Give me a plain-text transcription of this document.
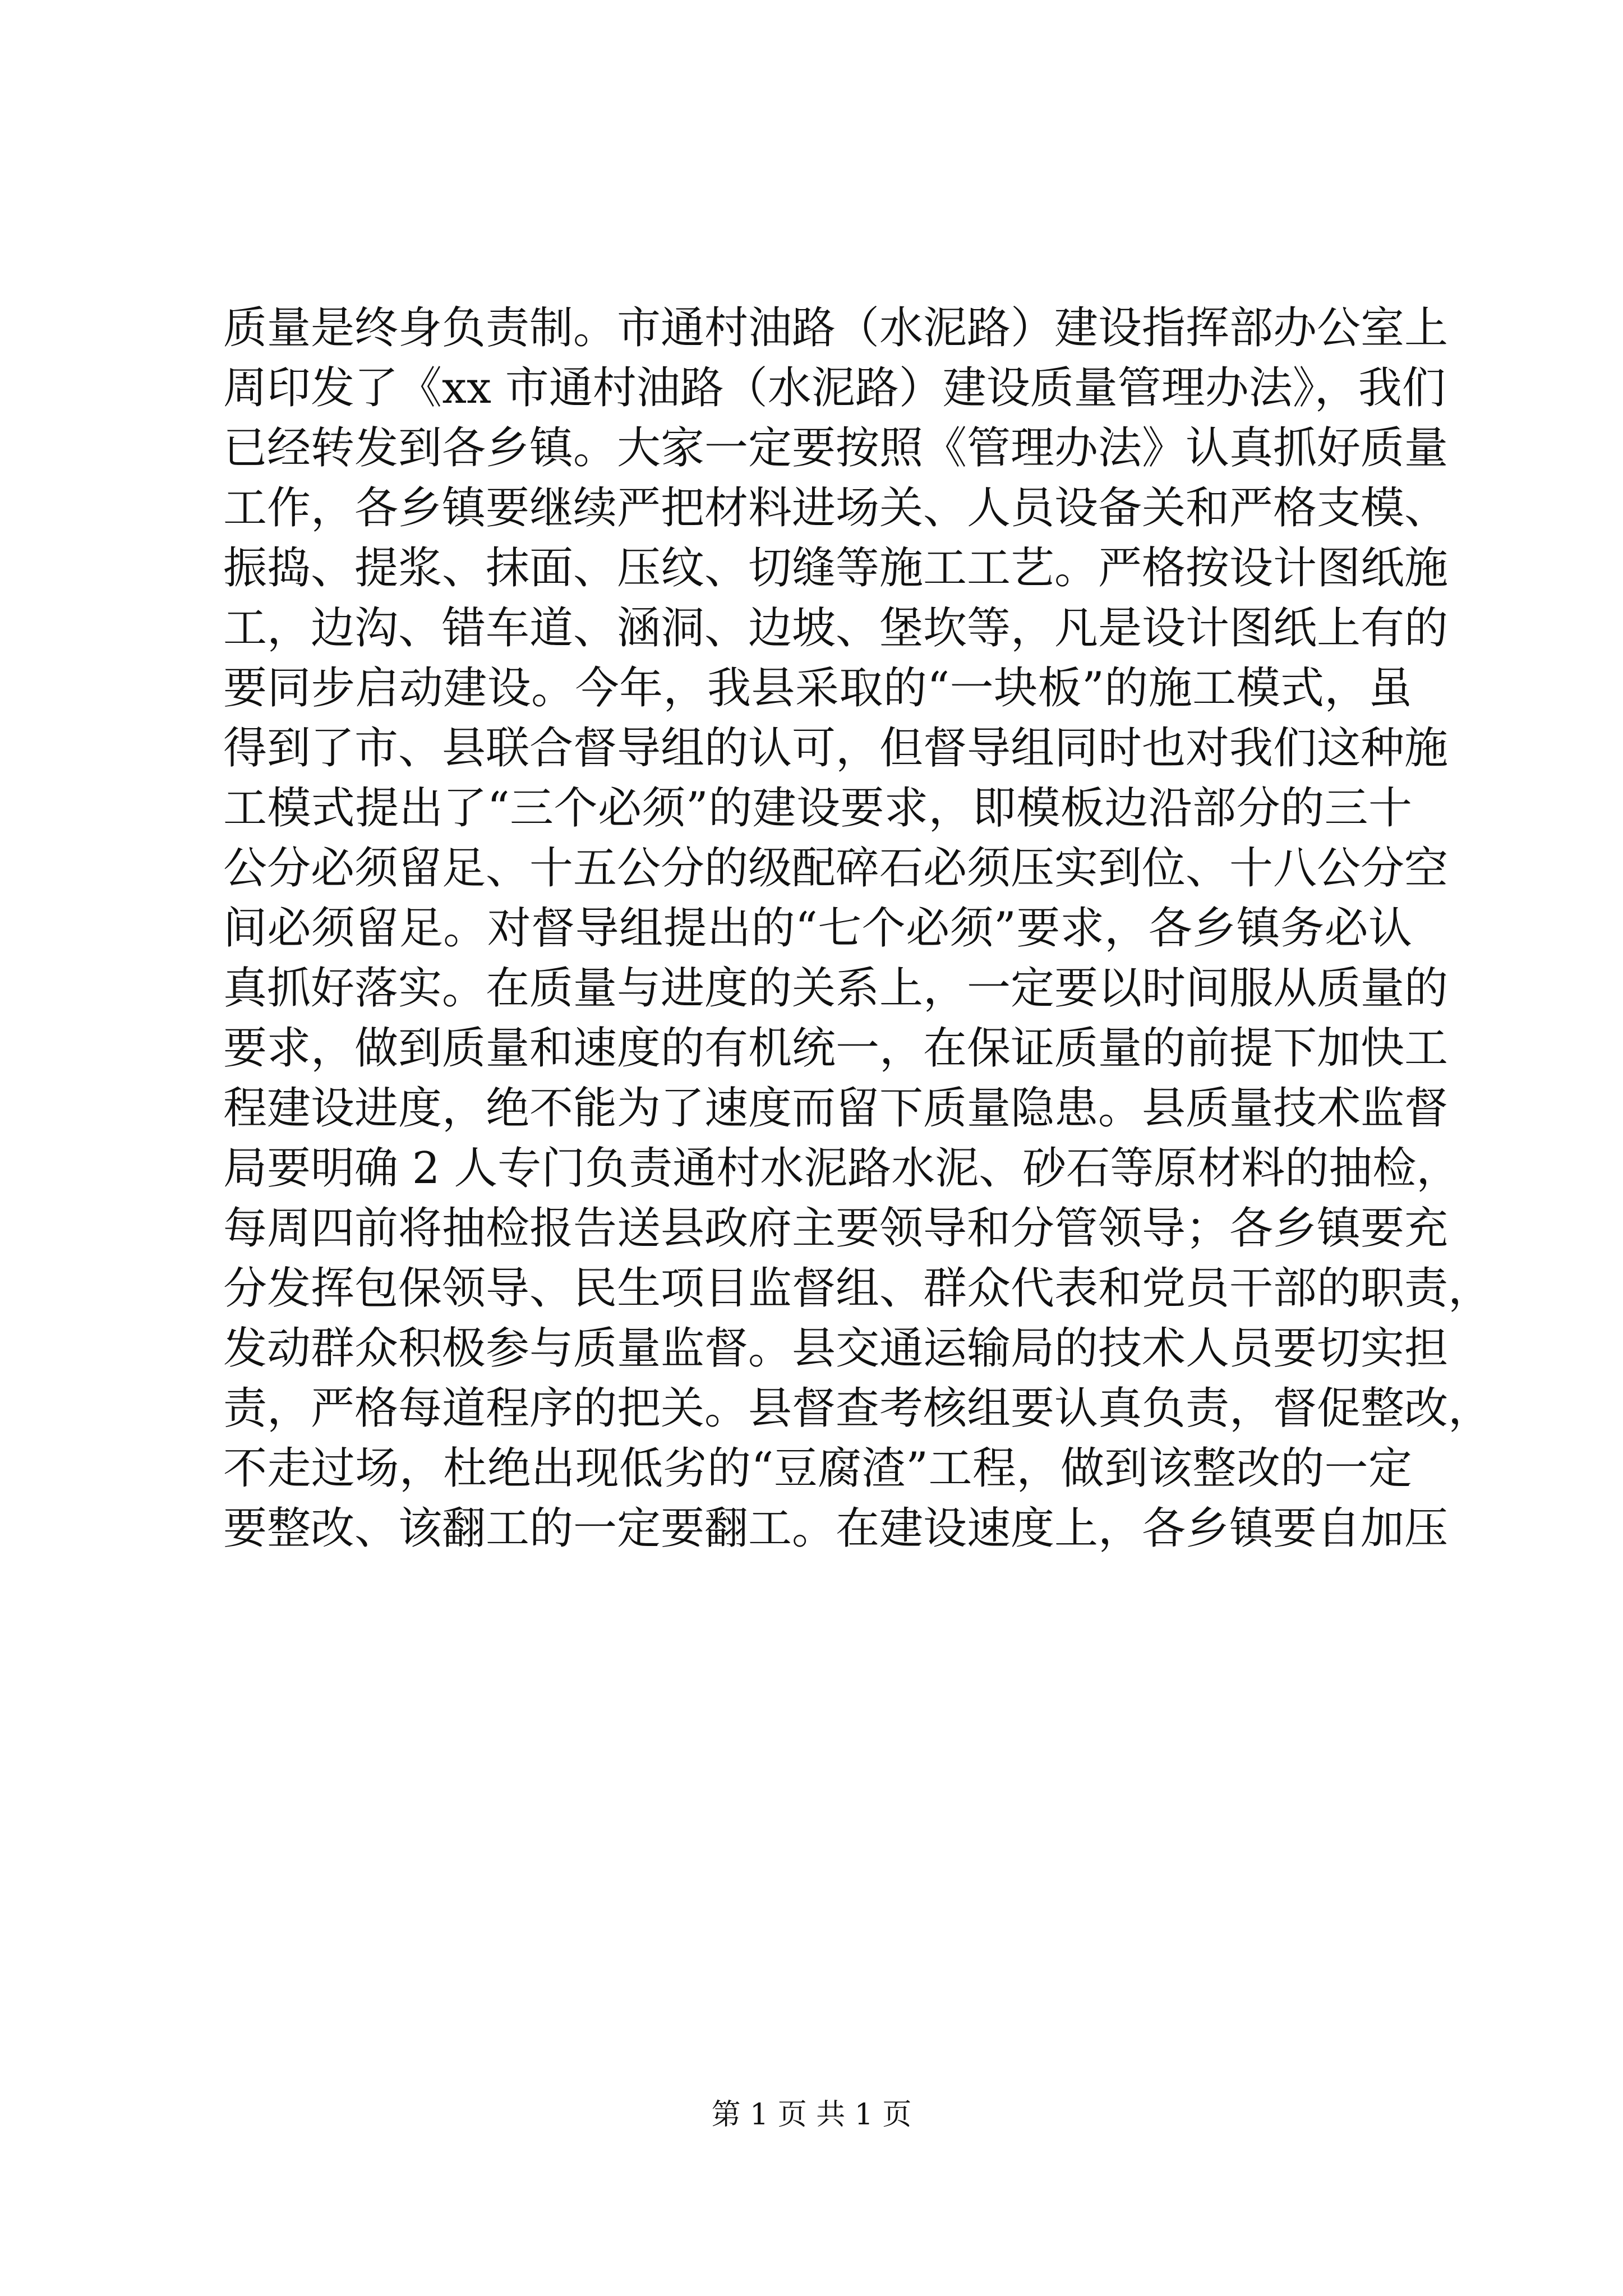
质量是终身负责制。市通村油路（水泥路）建设指挥部办公室上
周印发了《xx 市通村油路（水泥路）建设质量管理办法》，我们
已经转发到各乡镇。大家一定要按照《管理办法》认真抓好质量
工作，各乡镇要继续严把材料进场关、人员设备关和严格支模、
振捣、提浆、抹面、压纹、切缝等施工工艺。严格按设计图纸施
工，边沟、错车道、涵洞、边坡、堡坎等，凡是设计图纸上有的
要同步启动建设。今年，我县采取的“一块板”的施工模式，虽
得到了市、县联合督导组的认可，但督导组同时也对我们这种施
工模式提出了“三个必须”的建设要求，即模板边沿部分的三十
公分必须留足、十五公分的级配碎石必须压实到位、十八公分空
间必须留足。对督导组提出的“七个必须”要求，各乡镇务必认
真抓好落实。在质量与进度的关系上，一定要以时间服从质量的
要求，做到质量和速度的有机统一，在保证质量的前提下加快工
程建设进度，绝不能为了速度而留下质量隐患。县质量技术监督
局要明确 2 人专门负责通村水泥路水泥、砂石等原材料的抽检，
每周四前将抽检报告送县政府主要领导和分管领导；各乡镇要充
分发挥包保领导、民生项目监督组、群众代表和党员干部的职责，
发动群众积极参与质量监督。县交通运输局的技术人员要切实担
责，严格每道程序的把关。县督查考核组要认真负责，督促整改，
不走过场，杜绝出现低劣的“豆腐渣”工程，做到该整改的一定
要整改、该翻工的一定要翻工。在建设速度上，各乡镇要自加压
第 1 页 共 1 页
